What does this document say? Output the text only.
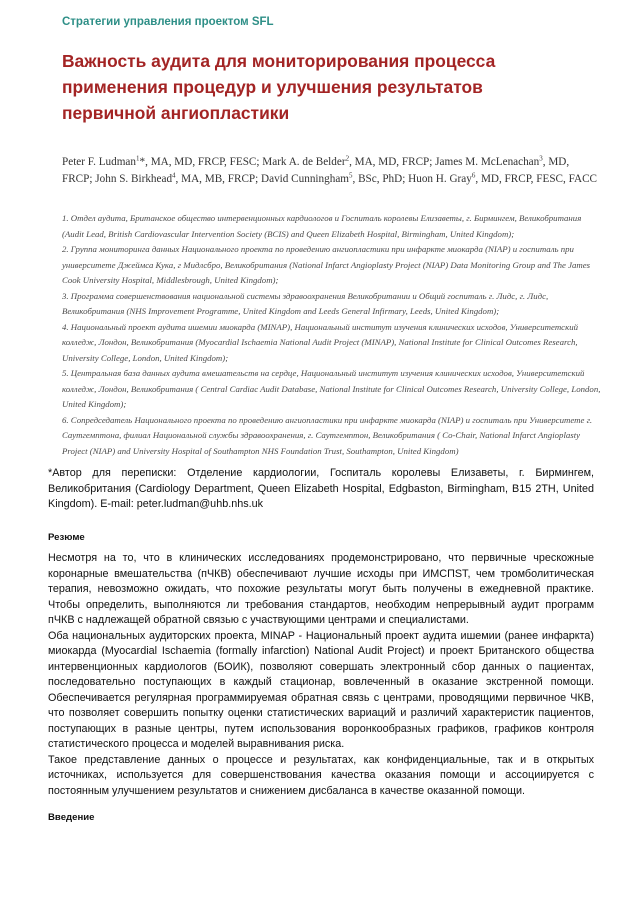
Стратегии управления проектом SFL
Важность аудита для мониторирования процесса
применения процедур и улучшения результатов
первичной ангиопластики
Peter F. Ludman$^1$*, MA, MD, FRCP, FESC; Mark A. de Belder$^2$, MA, MD, FRCP; James M. McLenachan$^3$, MD, FRCP; John S. Birkhead$^4$, MA, MB, FRCP; David Cunningham$^5$, BSc, PhD; Huon H. Gray$^6$, MD, FRCP, FESC, FACC

1. Отдел аудита, Британское общество интервенционных кардиологов и Госпиталь королевы Елизаветы, г. Бирмингем, Великобритания (Audit Lead, British Cardiovascular Intervention Society (BCIS) and Queen Elizabeth Hospital, Birmingham, United Kingdom);

2. Группа мониторинга данных Национального проекта по проведению ангиопластики при инфаркте миокарда (NIAP) и госпиталь при университете Джеймса Кука, г Мидлсбро, Великобритания (National Infarct Angioplasty Project (NIAP) Data Monitoring Group and The James Cook University Hospital, Middlesbrough, United Kingdom);

3. Программа совершенствования национальной системы здравоохранения Великобритании и Общий госпиталь г. Лидс, г. Лидс, Великобритания (NHS Improvement Programme, United Kingdom and Leeds General Infirmary, Leeds, United Kingdom);

4. Национальный проект аудита ишемии миокарда (MINAP), Национальный институт изучения клинических исходов, Университетский колледж, Лондон, Великобритания (Myocardial Ischaemia National Audit Project (MINAP), National Institute for Clinical Outcomes Research, University College, London, United Kingdom);

5. Центральная база данных аудита вмешательств на сердце, Национальный институт изучения клинических исходов, Университетский колледж, Лондон, Великобритания ( Central Cardiac Audit Database, National Institute for Clinical Outcomes Research, University College, London, United Kingdom);

6. Сопредседатель Национального проекта по проведению ангиопластики при инфаркте миокарда (NIAP) и госпиталь при Университете г. Саутгемптона, филиал Национальной службы здравоохранения, г. Саутгемптон, Великобритания ( Co-Chair, National Infarct Angioplasty Project (NIAP) and University Hospital of Southampton NHS Foundation Trust, Southampton, United Kingdom)

*Автор для переписки: Отделение кардиологии, Госпиталь королевы Елизаветы, г. Бирмингем, Великобритания (Cardiology Department, Queen Elizabeth Hospital, Edgbaston, Birmingham, B15 2TH, United Kingdom). E-mail: peter.ludman@uhb.nhs.uk

Резюме

Несмотря на то, что в клинических исследованиях продемонстрировано, что первичные чрескожные коронарные вмешательства (пЧКВ) обеспечивают лучшие исходы при ИМСПST, чем тромболитическая терапия, невозможно ожидать, что похожие результаты могут быть получены в ежедневной практике. Чтобы определить, выполняются ли требования стандартов, необходим непрерывный аудит программ пЧКВ с надлежащей обратной связью с участвующими центрами и специалистами.

Оба национальных аудиторских проекта, MINAP - Национальный проект аудита ишемии (ранее инфаркта) миокарда (Myocardial Ischaemia (formally infarction) National Audit Project) и проект Британского общества интервенционных кардиологов (БОИК), позволяют совершать электронный сбор данных о пациентах, последовательно поступающих в каждый стационар, вовлеченный в оказание экстренной помощи. Обеспечивается регулярная программируемая обратная связь с центрами, проводящими первичное ЧКВ, что позволяет совершить попытку оценки статистических вариаций и различий характеристик пациентов, поступающих в разные центры, путем использования воронкообразных графиков, графиков контроля статистического процесса и моделей выравнивания риска.

Такое представление данных о процессе и результатах, как конфиденциальные, так и в открытых источниках, используется для совершенствования качества оказания помощи и ассоциируется с постоянным улучшением результатов и снижением дисбаланса в качестве оказанной помощи.

Введение
